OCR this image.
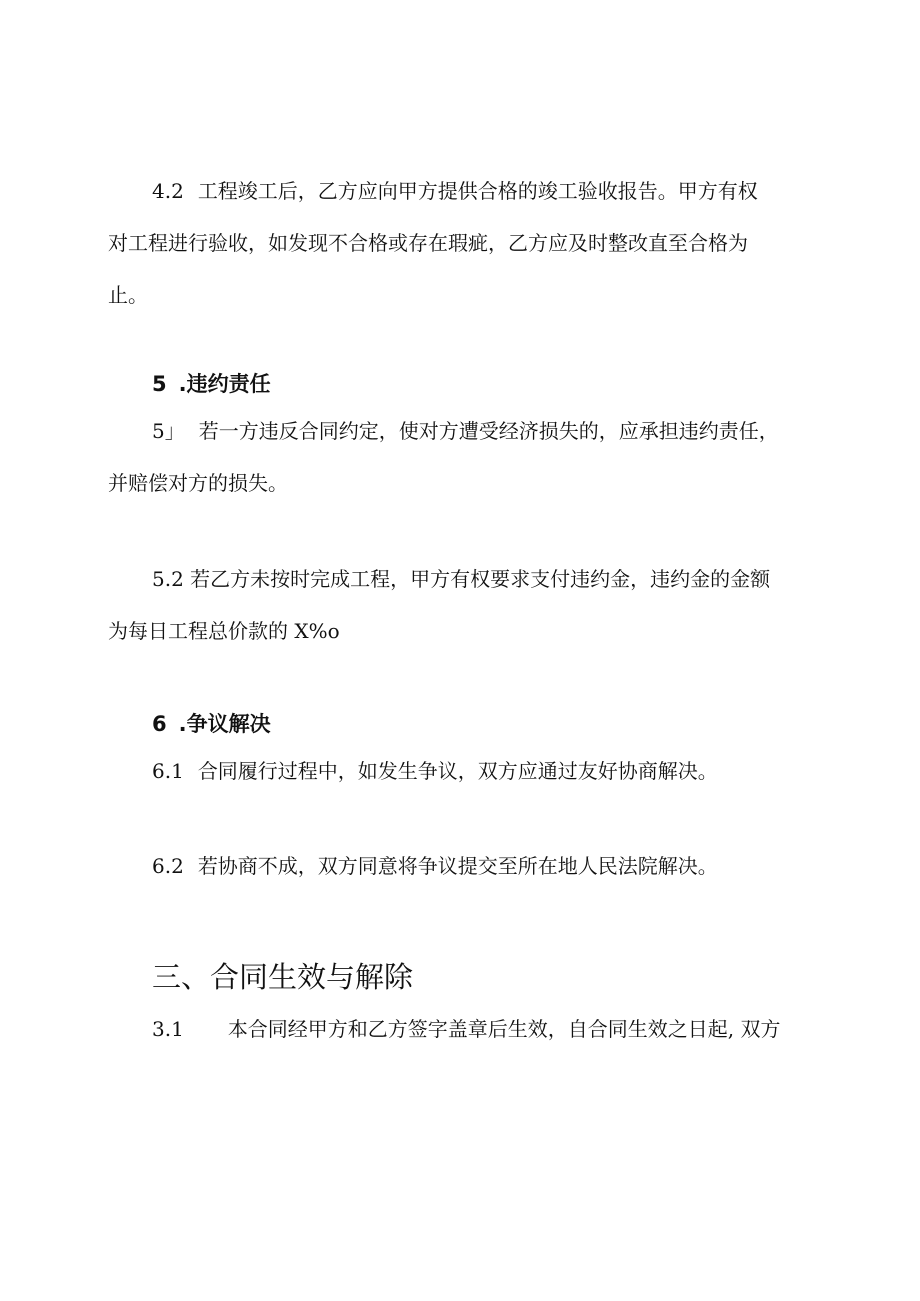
4.2 工程竣工后，乙方应向甲方提供合格的竣工验收报告。甲方有权
对工程进行验收，如发现不合格或存在瑕疵，乙方应及时整改直至合格为
止。
5 .违约责任
5」 若一方违反合同约定，使对方遭受经济损失的，应承担违约责任，
并赔偿对方的损失。
5.2 若乙方未按时完成工程，甲方有权要求支付违约金，违约金的金额
为每日工程总价款的 X%o
6 .争议解决
6.1 合同履行过程中，如发生争议，双方应通过友好协商解决。
6.2 若协商不成，双方同意将争议提交至所在地人民法院解决。
三、合同生效与解除
3.1 本合同经甲方和乙方签字盖章后生效，自合同生效之日起, 双方
